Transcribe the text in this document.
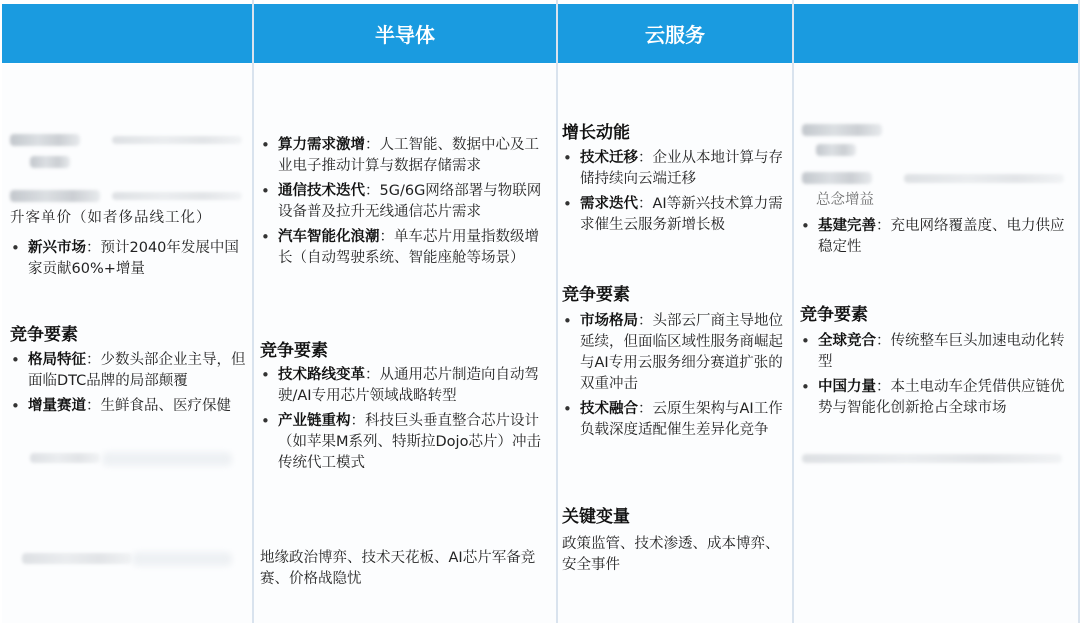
升客单价（如者侈品线工化）
• 新兴市场：预计2040年发展中国家贡献60%+增量
竞争要素
• 格局特征：少数头部企业主导，但面临DTC品牌的局部颠覆
• 增量赛道：生鲜食品、医疗保健
半导体
• 算力需求激增：人工智能、数据中心及工业电子推动计算与数据存储需求
• 通信技术迭代：5G/6G网络部署与物联网设备普及拉升无线通信芯片需求
• 汽车智能化浪潮：单车芯片用量指数级增长（自动驾驶系统、智能座舱等场景）
竞争要素
• 技术路线变革：从通用芯片制造向自动驾驶/AI专用芯片领域战略转型
• 产业链重构：科技巨头垂直整合芯片设计（如苹果M系列、特斯拉Dojo芯片）冲击传统代工模式
地缘政治博弈、技术天花板、AI芯片军备竞赛、价格战隐忧
云服务
增长动能
• 技术迁移：企业从本地计算与存储持续向云端迁移
• 需求迭代：AI等新兴技术算力需求催生云服务新增长极
竞争要素
• 市场格局：头部云厂商主导地位延续，但面临区域性服务商崛起与AI专用云服务细分赛道扩张的双重冲击
• 技术融合：云原生架构与AI工作负载深度适配催生差异化竞争
关键变量
政策监管、技术渗透、成本博弈、安全事件
总念增益
• 基建完善：充电网络覆盖度、电力供应稳定性
竞争要素
• 全球竞合：传统整车巨头加速电动化转型
• 中国力量：本土电动车企凭借供应链优势与智能化创新抢占全球市场
